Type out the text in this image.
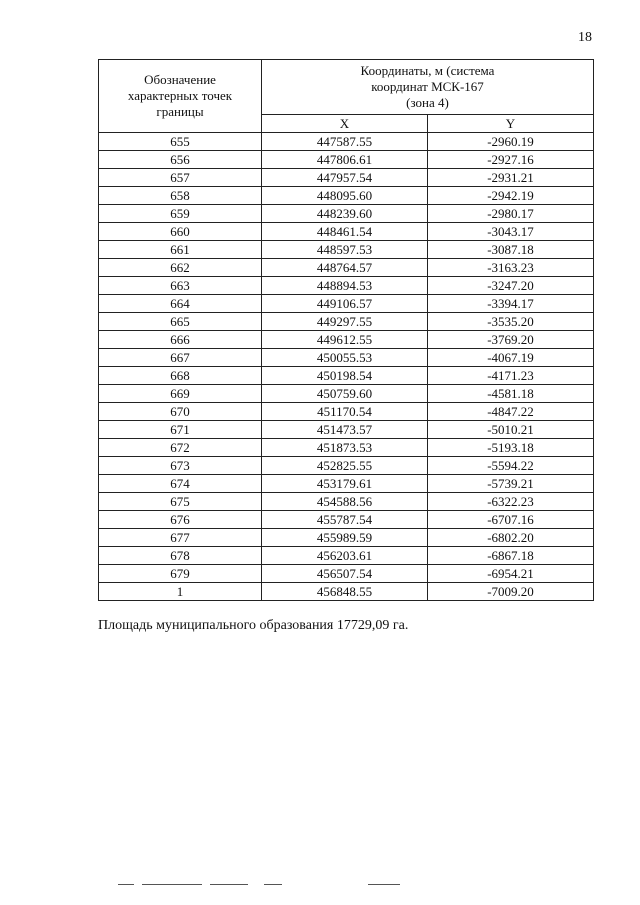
18
Обозначение характерных точек границы	Координаты, м (система координат МСК-167 (зона 4)	

	X	Y
655	447587.55	-2960.19
656	447806.61	-2927.16
657	447957.54	-2931.21
658	448095.60	-2942.19
659	448239.60	-2980.17
660	448461.54	-3043.17
661	448597.53	-3087.18
662	448764.57	-3163.23
663	448894.53	-3247.20
664	449106.57	-3394.17
665	449297.55	-3535.20
666	449612.55	-3769.20
667	450055.53	-4067.19
668	450198.54	-4171.23
669	450759.60	-4581.18
670	451170.54	-4847.22
671	451473.57	-5010.21
672	451873.53	-5193.18
673	452825.55	-5594.22
674	453179.61	-5739.21
675	454588.56	-6322.23
676	455787.54	-6707.16
677	455989.59	-6802.20
678	456203.61	-6867.18
679	456507.54	-6954.21
1	456848.55	-7009.20
Площадь муниципального образования 17729,09 га.
